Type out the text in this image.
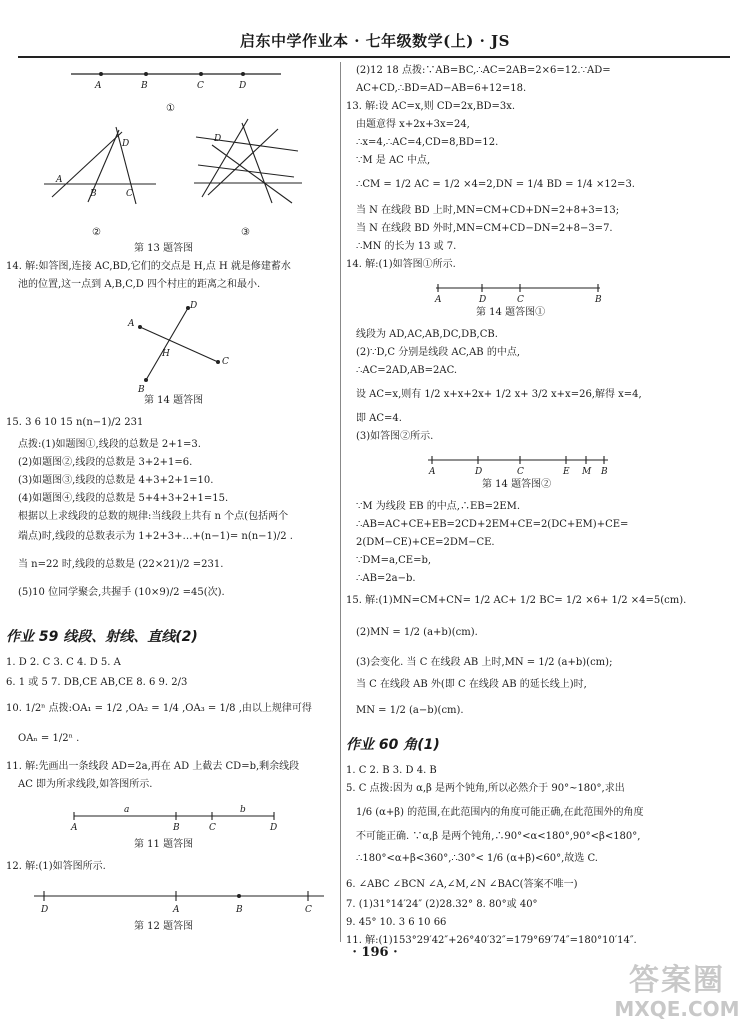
启东中学作业本 · 七年级数学(上) · JS
A	B	C	D
①
A
B	C
D
②
D
③
第 13 题答图
14. 解:如答图,连接 AC,BD,它们的交点是 H,点 H 就是修建蓄水
池的位置,这一点到 A,B,C,D 四个村庄的距离之和最小.
A
B
C
D
H
第 14 题答图
15. 3 6 10 15 n(n−1)/2 231
点拨:(1)如题图①,线段的总数是 2+1=3.
(2)如题图②,线段的总数是 3+2+1=6.
(3)如题图③,线段的总数是 4+3+2+1=10.
(4)如题图④,线段的总数是 5+4+3+2+1=15.
根据以上求线段的总数的规律:当线段上共有 n 个点(包括两个
端点)时,线段的总数表示为 1+2+3+…+(n−1)= n(n−1)/2 .
当 n=22 时,线段的总数是 (22×21)/2 =231.
(5)10 位同学聚会,共握手 (10×9)/2 =45(次).
作业 59 线段、射线、直线(2)
1. D 2. C 3. C 4. D 5. A
6. 1 或 5 7. DB,CE AB,CE 8. 6 9. 2/3
10. 1/2ⁿ 点拨:OA₁ = 1/2 ,OA₂ = 1/4 ,OA₃ = 1/8 ,由以上规律可得
OAₙ = 1/2ⁿ .
11. 解:先画出一条线段 AD=2a,再在 AD 上截去 CD=b,剩余线段
AC 即为所求线段,如答图所示.
a	b
A	B	C	D
第 11 题答图
12. 解:(1)如答图所示.
D	A	B	C
第 12 题答图
(2)12 18 点拨:∵AB=BC,∴AC=2AB=2×6=12.∵AD=
AC+CD,∴BD=AD−AB=6+12=18.
13. 解:设 AC=x,则 CD=2x,BD=3x.
由题意得 x+2x+3x=24,
∴x=4,∴AC=4,CD=8,BD=12.
∵M 是 AC 中点,
∴CM = 1/2 AC = 1/2 ×4=2,DN = 1/4 BD = 1/4 ×12=3.
当 N 在线段 BD 上时,MN=CM+CD+DN=2+8+3=13;
当 N 在线段 BD 外时,MN=CM+CD−DN=2+8−3=7.
∴MN 的长为 13 或 7.
14. 解:(1)如答图①所示.
A	D	C	B
第 14 题答图①
线段为 AD,AC,AB,DC,DB,CB.
(2)∵D,C 分别是线段 AC,AB 的中点,
∴AC=2AD,AB=2AC.
设 AC=x,则有 1/2 x+x+2x+ 1/2 x+ 3/2 x+x=26,解得 x=4,
即 AC=4.
(3)如答图②所示.
A	D	C	E M B
第 14 题答图②
∵M 为线段 EB 的中点,∴EB=2EM.
∴AB=AC+CE+EB=2CD+2EM+CE=2(DC+EM)+CE=
2(DM−CE)+CE=2DM−CE.
∵DM=a,CE=b,
∴AB=2a−b.
15. 解:(1)MN=CM+CN= 1/2 AC+ 1/2 BC= 1/2 ×6+ 1/2 ×4=5(cm).
(2)MN = 1/2 (a+b)(cm).
(3)会变化. 当 C 在线段 AB 上时,MN = 1/2 (a+b)(cm);
当 C 在线段 AB 外(即 C 在线段 AB 的延长线上)时,
MN = 1/2 (a−b)(cm).
作业 60 角(1)
1. C 2. B 3. D 4. B
5. C 点拨:因为 α,β 是两个钝角,所以必然介于 90°~180°,求出
1/6 (α+β) 的范围,在此范围内的角度可能正确,在此范围外的角度
不可能正确. ∵α,β 是两个钝角,∴90°<α<180°,90°<β<180°,
∴180°<α+β<360°,∴30°< 1/6 (α+β)<60°,故选 C.
6. ∠ABC ∠BCN ∠A,∠M,∠N ∠BAC(答案不唯一)
7. (1)31°14′24″ (2)28.32° 8. 80°或 40°
9. 45° 10. 3 6 10 66
11. 解:(1)153°29′42″+26°40′32″=179°69′74″=180°10′14″.
· 196 ·
答案圈
MXQE.COM
